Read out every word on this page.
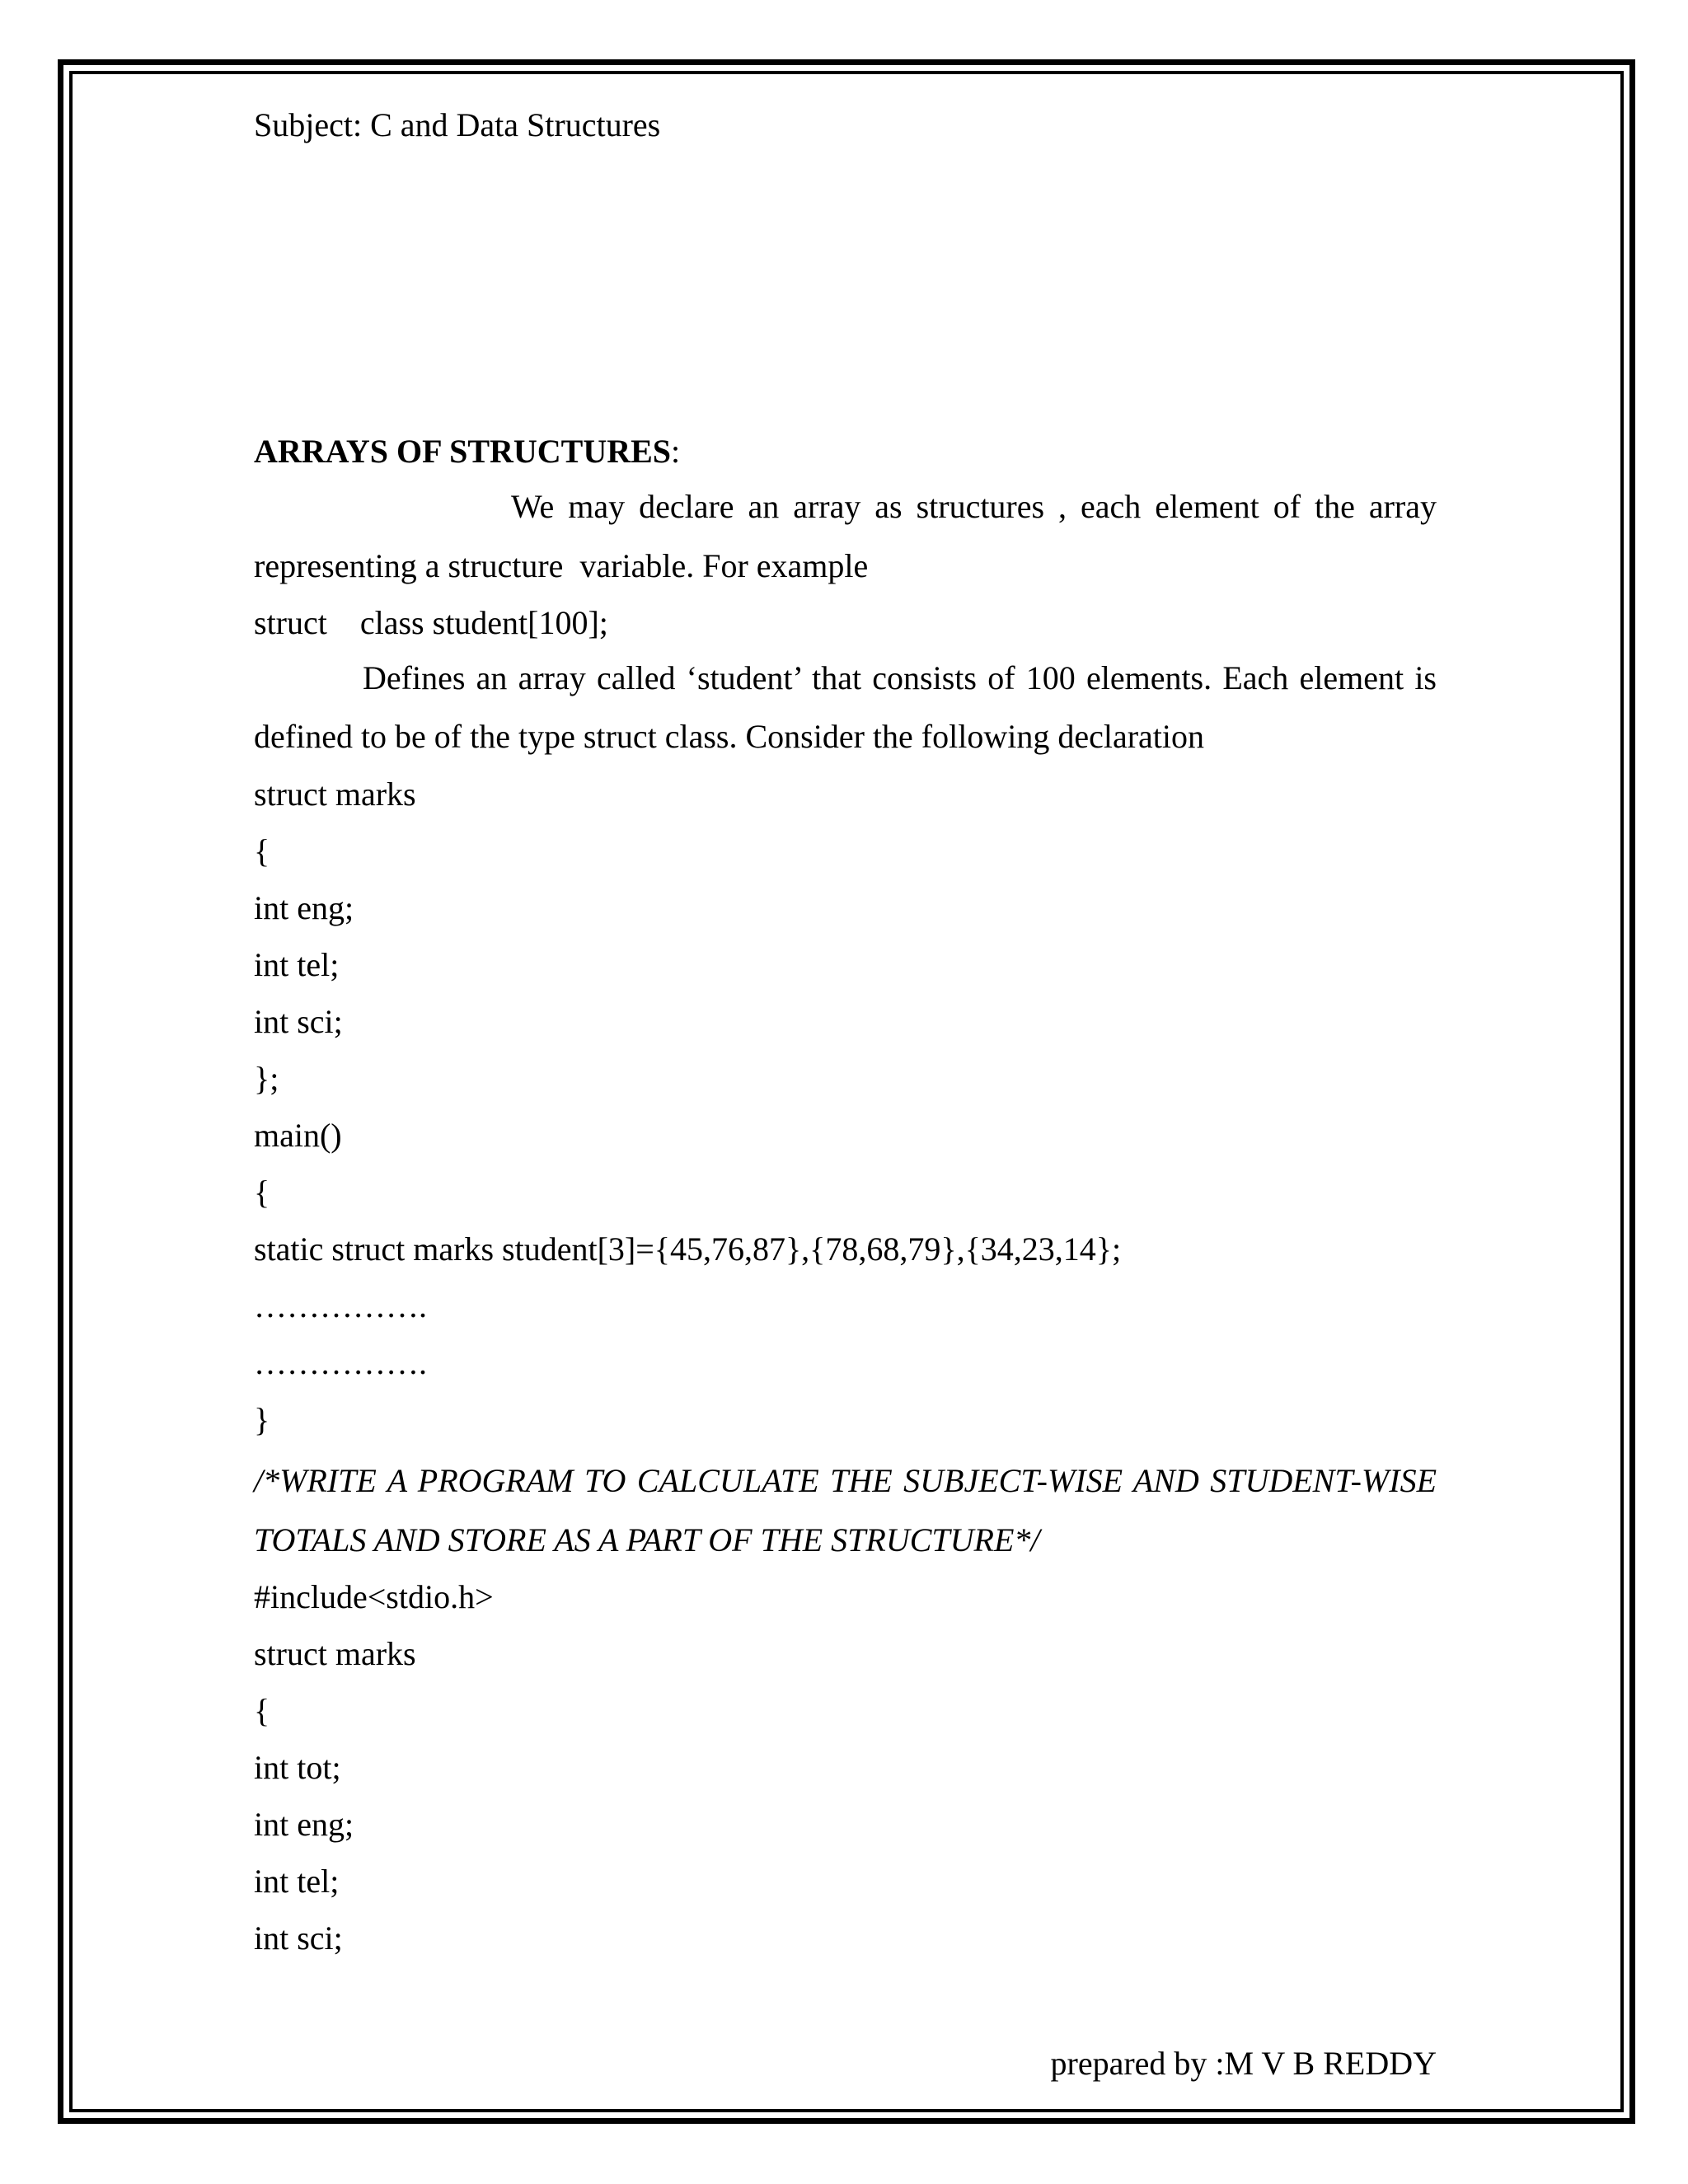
Subject: C and Data Structures
ARRAYS OF STRUCTURES:
We may declare an array as structures , each element of the array
representing a structure  variable. For example
struct    class student[100];
Defines an array called ‘student’ that consists of 100 elements. Each element is
defined to be of the type struct class. Consider the following declaration
struct marks
{
int eng;
int tel;
int sci;
};
main()
{
static struct marks student[3]={45,76,87},{78,68,79},{34,23,14};
…………….
…………….
}
/*WRITE A PROGRAM TO CALCULATE THE SUBJECT-WISE AND STUDENT-WISE
TOTALS AND STORE AS A PART OF THE STRUCTURE*/
#include<stdio.h>
struct marks
{
int tot;
int eng;
int tel;
int sci;
prepared by :M V B REDDY
